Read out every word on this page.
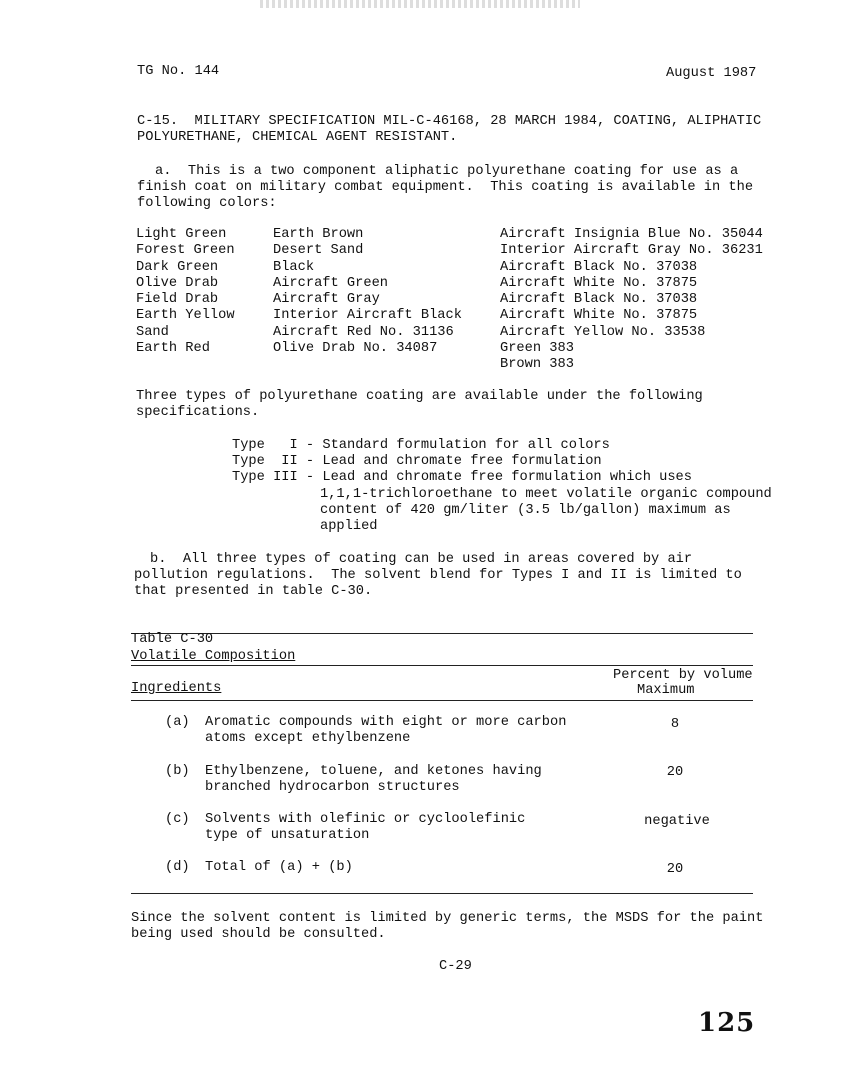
TG No. 144	August 1987
C-15.  MILITARY SPECIFICATION MIL-C-46168, 28 MARCH 1984, COATING, ALIPHATIC
POLYURETHANE, CHEMICAL AGENT RESISTANT.
a.  This is a two component aliphatic polyurethane coating for use as a
finish coat on military combat equipment.  This coating is available in the
following colors:
Light Green
Forest Green
Dark Green
Olive Drab
Field Drab
Earth Yellow
Sand
Earth Red
Earth Brown
Desert Sand
Black
Aircraft Green
Aircraft Gray
Interior Aircraft Black
Aircraft Red No. 31136
Olive Drab No. 34087
Aircraft Insignia Blue No. 35044
Interior Aircraft Gray No. 36231
Aircraft Black No. 37038
Aircraft White No. 37875
Aircraft Black No. 37038
Aircraft White No. 37875
Aircraft Yellow No. 33538
Green 383
Brown 383
Three types of polyurethane coating are available under the following
specifications.
Type   I - Standard formulation for all colors
Type  II - Lead and chromate free formulation
Type III - Lead and chromate free formulation which uses
1,1,1-trichloroethane to meet volatile organic compound
content of 420 gm/liter (3.5 lb/gallon) maximum as
applied
b.  All three types of coating can be used in areas covered by air
pollution regulations.  The solvent blend for Types I and II is limited to
that presented in table C-30.
Table C-30
Volatile Composition
Percent by volume
Maximum
Ingredients
(a) Aromatic compounds with eight or more carbon
atoms except ethylbenzene
8
(b) Ethylbenzene, toluene, and ketones having
branched hydrocarbon structures
20
(c) Solvents with olefinic or cycloolefinic
type of unsaturation
negative
(d) Total of (a) + (b)	20
Since the solvent content is limited by generic terms, the MSDS for the paint
being used should be consulted.
C-29
125
